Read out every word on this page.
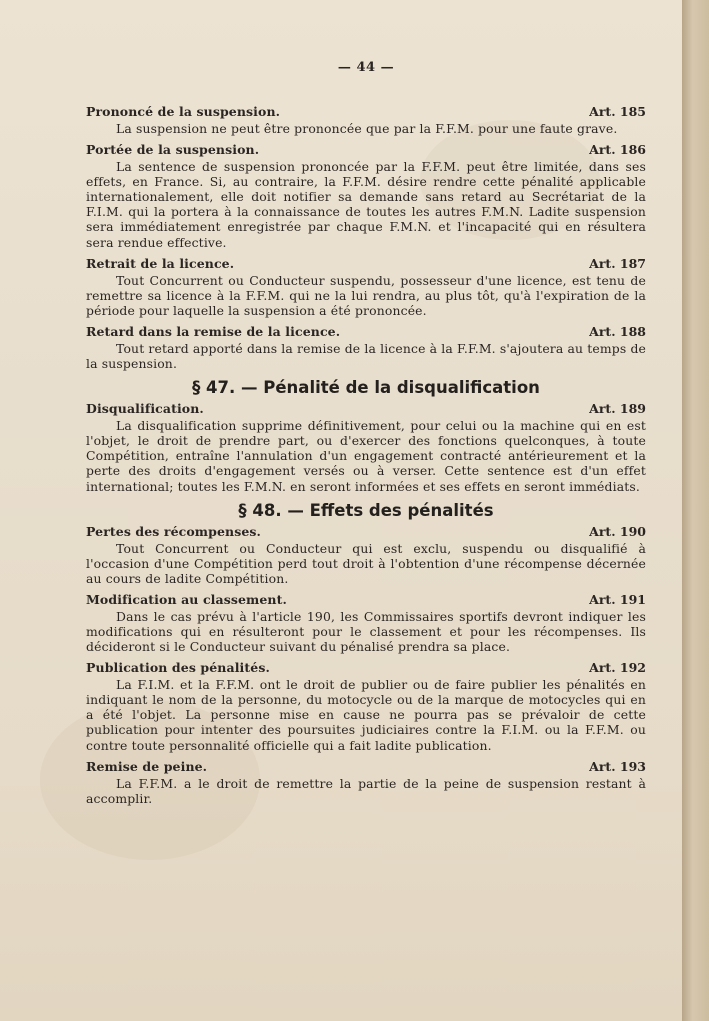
— 44 —
Prononcé de la suspension.	Art. 185

La suspension ne peut être prononcée que par la F.F.M. pour une faute grave.

Portée de la suspension.	Art. 186

La sentence de suspension prononcée par la F.F.M. peut être limitée, dans ses effets, en France. Si, au contraire, la F.F.M. désire rendre cette pénalité applicable internationalement, elle doit notifier sa demande sans retard au Secrétariat de la F.I.M. qui la portera à la connaissance de toutes les autres F.M.N. Ladite suspension sera immédiatement enregistrée par chaque F.M.N. et l'incapacité qui en résultera sera rendue effective.

Retrait de la licence.	Art. 187

Tout Concurrent ou Conducteur suspendu, possesseur d'une licence, est tenu de remettre sa licence à la F.F.M. qui ne la lui rendra, au plus tôt, qu'à l'expiration de la période pour laquelle la suspension a été prononcée.

Retard dans la remise de la licence.	Art. 188

Tout retard apporté dans la remise de la licence à la F.F.M. s'ajoutera au temps de la suspension.

§ 47. — Pénalité de la disqualification
Disqualification.	Art. 189

La disqualification supprime définitivement, pour celui ou la machine qui en est l'objet, le droit de prendre part, ou d'exercer des fonctions quelconques, à toute Compétition, entraîne l'annulation d'un engagement contracté antérieurement et la perte des droits d'engagement versés ou à verser. Cette sentence est d'un effet international; toutes les F.M.N. en seront informées et ses effets en seront immédiats.

§ 48. — Effets des pénalités
Pertes des récompenses.	Art. 190

Tout Concurrent ou Conducteur qui est exclu, suspendu ou disqualifié à l'occasion d'une Compétition perd tout droit à l'obtention d'une récompense décernée au cours de ladite Compétition.

Modification au classement.	Art. 191

Dans le cas prévu à l'article 190, les Commissaires sportifs devront indiquer les modifications qui en résulteront pour le classement et pour les récompenses. Ils décideront si le Conducteur suivant du pénalisé prendra sa place.

Publication des pénalités.	Art. 192

La F.I.M. et la F.F.M. ont le droit de publier ou de faire publier les pénalités en indiquant le nom de la personne, du motocycle ou de la marque de motocycles qui en a été l'objet. La personne mise en cause ne pourra pas se prévaloir de cette publication pour intenter des poursuites judiciaires contre la F.I.M. ou la F.F.M. ou contre toute personnalité officielle qui a fait ladite publication.

Remise de peine.	Art. 193

La F.F.M. a le droit de remettre la partie de la peine de suspension restant à accomplir.
